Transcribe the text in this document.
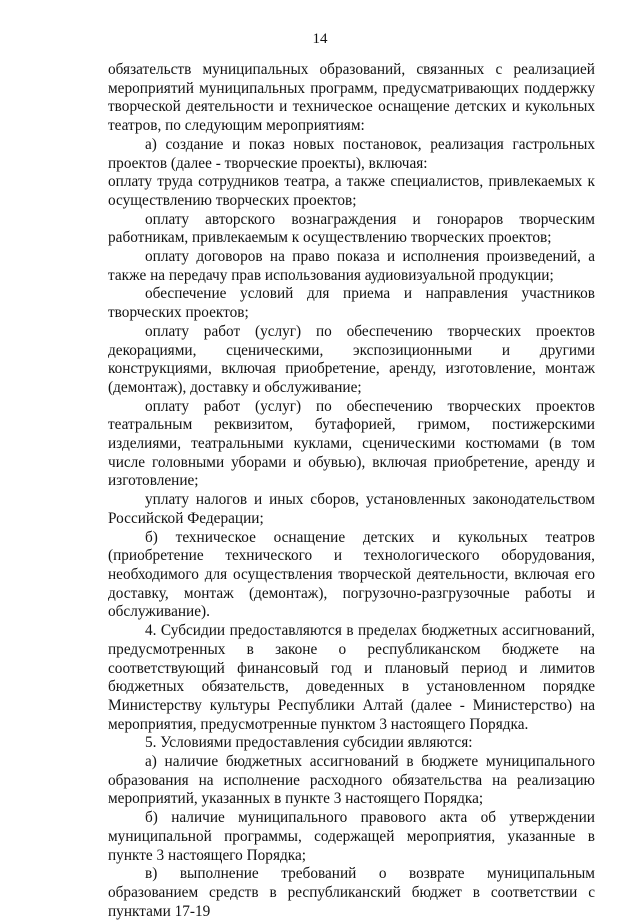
14

обязательств муниципальных образований, связанных с реализацией мероприятий муниципальных программ, предусматривающих поддержку творческой деятельности и техническое оснащение детских и кукольных театров, по следующим мероприятиям:

а) создание и показ новых постановок, реализация гастрольных проектов (далее - творческие проекты), включая:

оплату труда сотрудников театра, а также специалистов, привлекаемых к осуществлению творческих проектов;

оплату авторского вознаграждения и гонораров творческим работникам, привлекаемым к осуществлению творческих проектов;

оплату договоров на право показа и исполнения произведений, а также на передачу прав использования аудиовизуальной продукции;

обеспечение условий для приема и направления участников творческих проектов;

оплату работ (услуг) по обеспечению творческих проектов декорациями, сценическими, экспозиционными и другими конструкциями, включая приобретение, аренду, изготовление, монтаж (демонтаж), доставку и обслуживание;

оплату работ (услуг) по обеспечению творческих проектов театральным реквизитом, бутафорией, гримом, постижерскими изделиями, театральными куклами, сценическими костюмами (в том числе головными уборами и обувью), включая приобретение, аренду и изготовление;

уплату налогов и иных сборов, установленных законодательством Российской Федерации;

б) техническое оснащение детских и кукольных театров (приобретение технического и технологического оборудования, необходимого для осуществления творческой деятельности, включая его доставку, монтаж (демонтаж), погрузочно-разгрузочные работы и обслуживание).

4. Субсидии предоставляются в пределах бюджетных ассигнований, предусмотренных в законе о республиканском бюджете на соответствующий финансовый год и плановый период и лимитов бюджетных обязательств, доведенных в установленном порядке Министерству культуры Республики Алтай (далее - Министерство) на мероприятия, предусмотренные пунктом 3 настоящего Порядка.

5. Условиями предоставления субсидии являются:

а) наличие бюджетных ассигнований в бюджете муниципального образования на исполнение расходного обязательства на реализацию мероприятий, указанных в пункте 3 настоящего Порядка;

б) наличие муниципального правового акта об утверждении муниципальной программы, содержащей мероприятия, указанные в пункте 3 настоящего Порядка;

в) выполнение требований о возврате муниципальным образованием средств в республиканский бюджет в соответствии с пунктами 17-19
